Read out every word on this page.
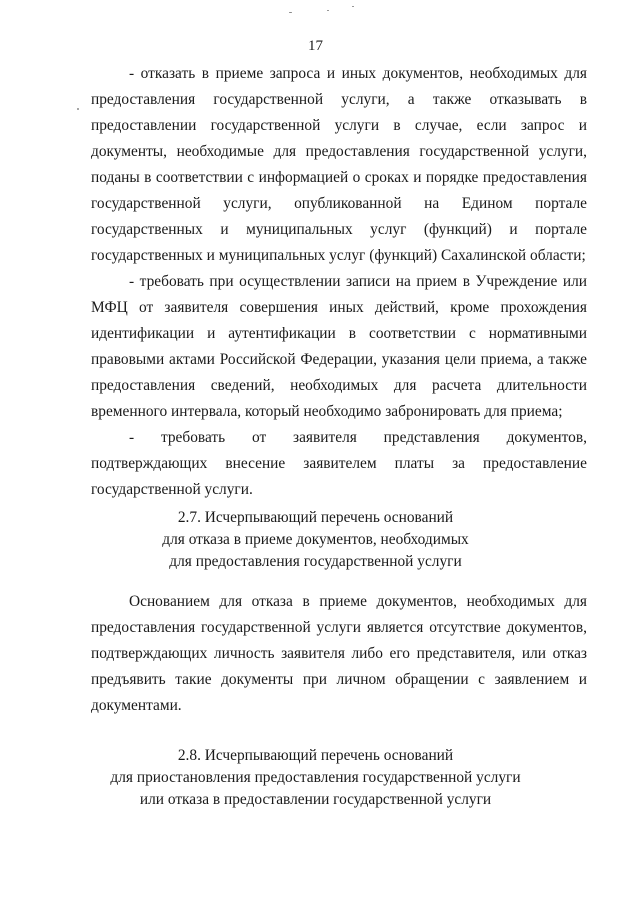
17

- отказать в приеме запроса и иных документов, необходимых для предоставления государственной услуги, а также отказывать в предоставлении государственной услуги в случае, если запрос и документы, необходимые для предоставления государственной услуги, поданы в соответствии с информацией о сроках и порядке предоставления государственной услуги, опубликованной на Едином портале государственных и муниципальных услуг (функций) и портале государственных и муниципальных услуг (функций) Сахалинской области;

- требовать при осуществлении записи на прием в Учреждение или МФЦ от заявителя совершения иных действий, кроме прохождения идентификации и аутентификации в соответствии с нормативными правовыми актами Российской Федерации, указания цели приема, а также предоставления сведений, необходимых для расчета длительности временного интервала, который необходимо забронировать для приема;

- требовать от заявителя представления документов, подтверждающих внесение заявителем платы за предоставление государственной услуги.

2.7. Исчерпывающий перечень оснований
для отказа в приеме документов, необходимых
для предоставления государственной услуги

Основанием для отказа в приеме документов, необходимых для предоставления государственной услуги является отсутствие документов, подтверждающих личность заявителя либо его представителя, или отказ предъявить такие документы при личном обращении с заявлением и документами.

2.8. Исчерпывающий перечень оснований
для приостановления предоставления государственной услуги
или отказа в предоставлении государственной услуги
